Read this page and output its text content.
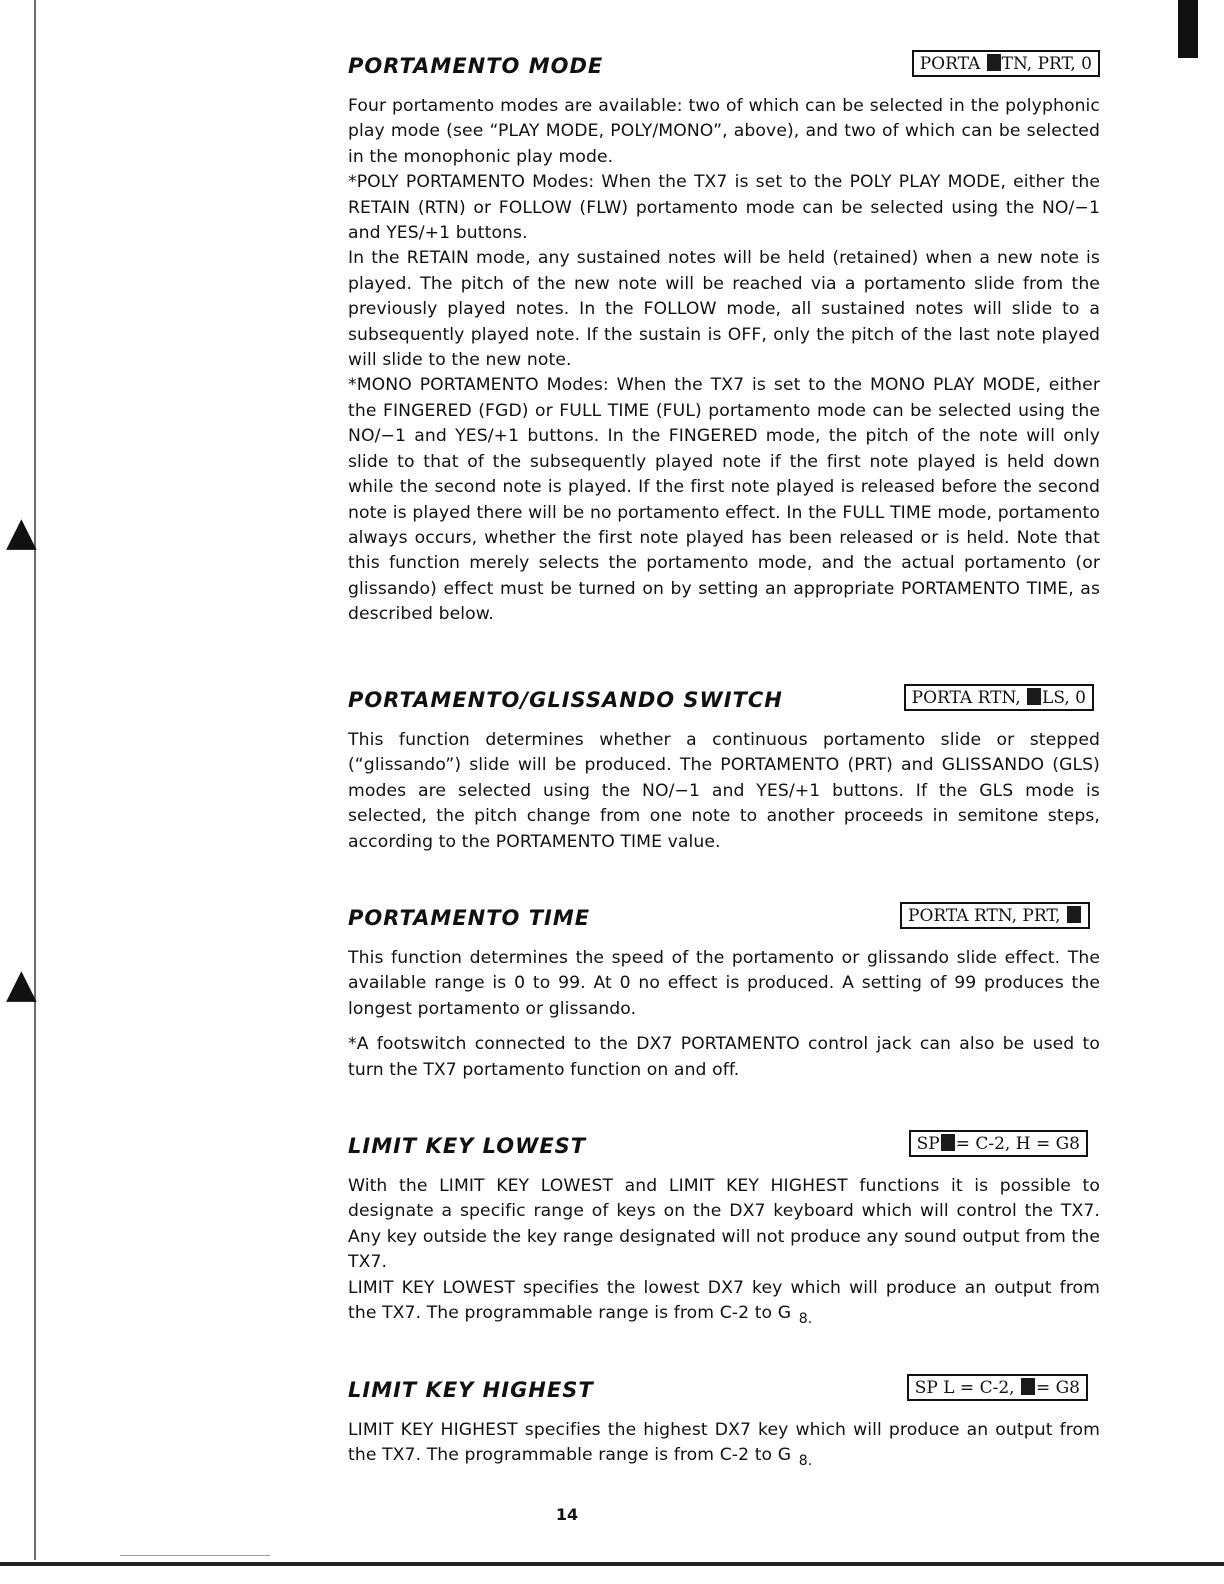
▲
▲
PORTAMENTO MODE	PORTA TN, PRT, 0

Four portamento modes are available: two of which can be selected in the polyphonic play mode (see “PLAY MODE, POLY/MONO”, above), and two of which can be selected in the monophonic play mode.

*POLY PORTAMENTO Modes: When the TX7 is set to the POLY PLAY MODE, either the RETAIN (RTN) or FOLLOW (FLW) portamento mode can be selected using the NO/−1 and YES/+1 buttons.

In the RETAIN mode, any sustained notes will be held (retained) when a new note is played. The pitch of the new note will be reached via a portamento slide from the previously played notes. In the FOLLOW mode, all sustained notes will slide to a subsequently played note. If the sustain is OFF, only the pitch of the last note played will slide to the new note.

*MONO PORTAMENTO Modes: When the TX7 is set to the MONO PLAY MODE, either the FINGERED (FGD) or FULL TIME (FUL) portamento mode can be selected using the NO/−1 and YES/+1 buttons. In the FINGERED mode, the pitch of the note will only slide to that of the subsequently played note if the first note played is held down while the second note is played. If the first note played is released before the second note is played there will be no portamento effect. In the FULL TIME mode, portamento always occurs, whether the first note played has been released or is held. Note that this function merely selects the portamento mode, and the actual portamento (or glissando) effect must be turned on by setting an appropriate PORTAMENTO TIME, as described below.

PORTAMENTO/GLISSANDO SWITCH	PORTA RTN, LS, 0

This function determines whether a continuous portamento slide or stepped (“glissando”) slide will be produced. The PORTAMENTO (PRT) and GLISSANDO (GLS) modes are selected using the NO/−1 and YES/+1 buttons. If the GLS mode is selected, the pitch change from one note to another proceeds in semitone steps, according to the PORTAMENTO TIME value.

PORTAMENTO TIME	PORTA RTN, PRT,

This function determines the speed of the portamento or glissando slide effect. The available range is 0 to 99. At 0 no effect is produced. A setting of 99 produces the longest portamento or glissando.

*A footswitch connected to the DX7 PORTAMENTO control jack can also be used to turn the TX7 portamento function on and off.

LIMIT KEY LOWEST	SP = C-2, H = G8

With the LIMIT KEY LOWEST and LIMIT KEY HIGHEST functions it is possible to designate a specific range of keys on the DX7 keyboard which will control the TX7. Any key outside the key range designated will not produce any sound output from the TX7.

LIMIT KEY LOWEST specifies the lowest DX7 key which will produce an output from the TX7. The programmable range is from C-2 to G $_{8.}$

LIMIT KEY HIGHEST	SP L = C-2, = G8

LIMIT KEY HIGHEST specifies the highest DX7 key which will produce an output from the TX7. The programmable range is from C-2 to G $_{8.}$

14
